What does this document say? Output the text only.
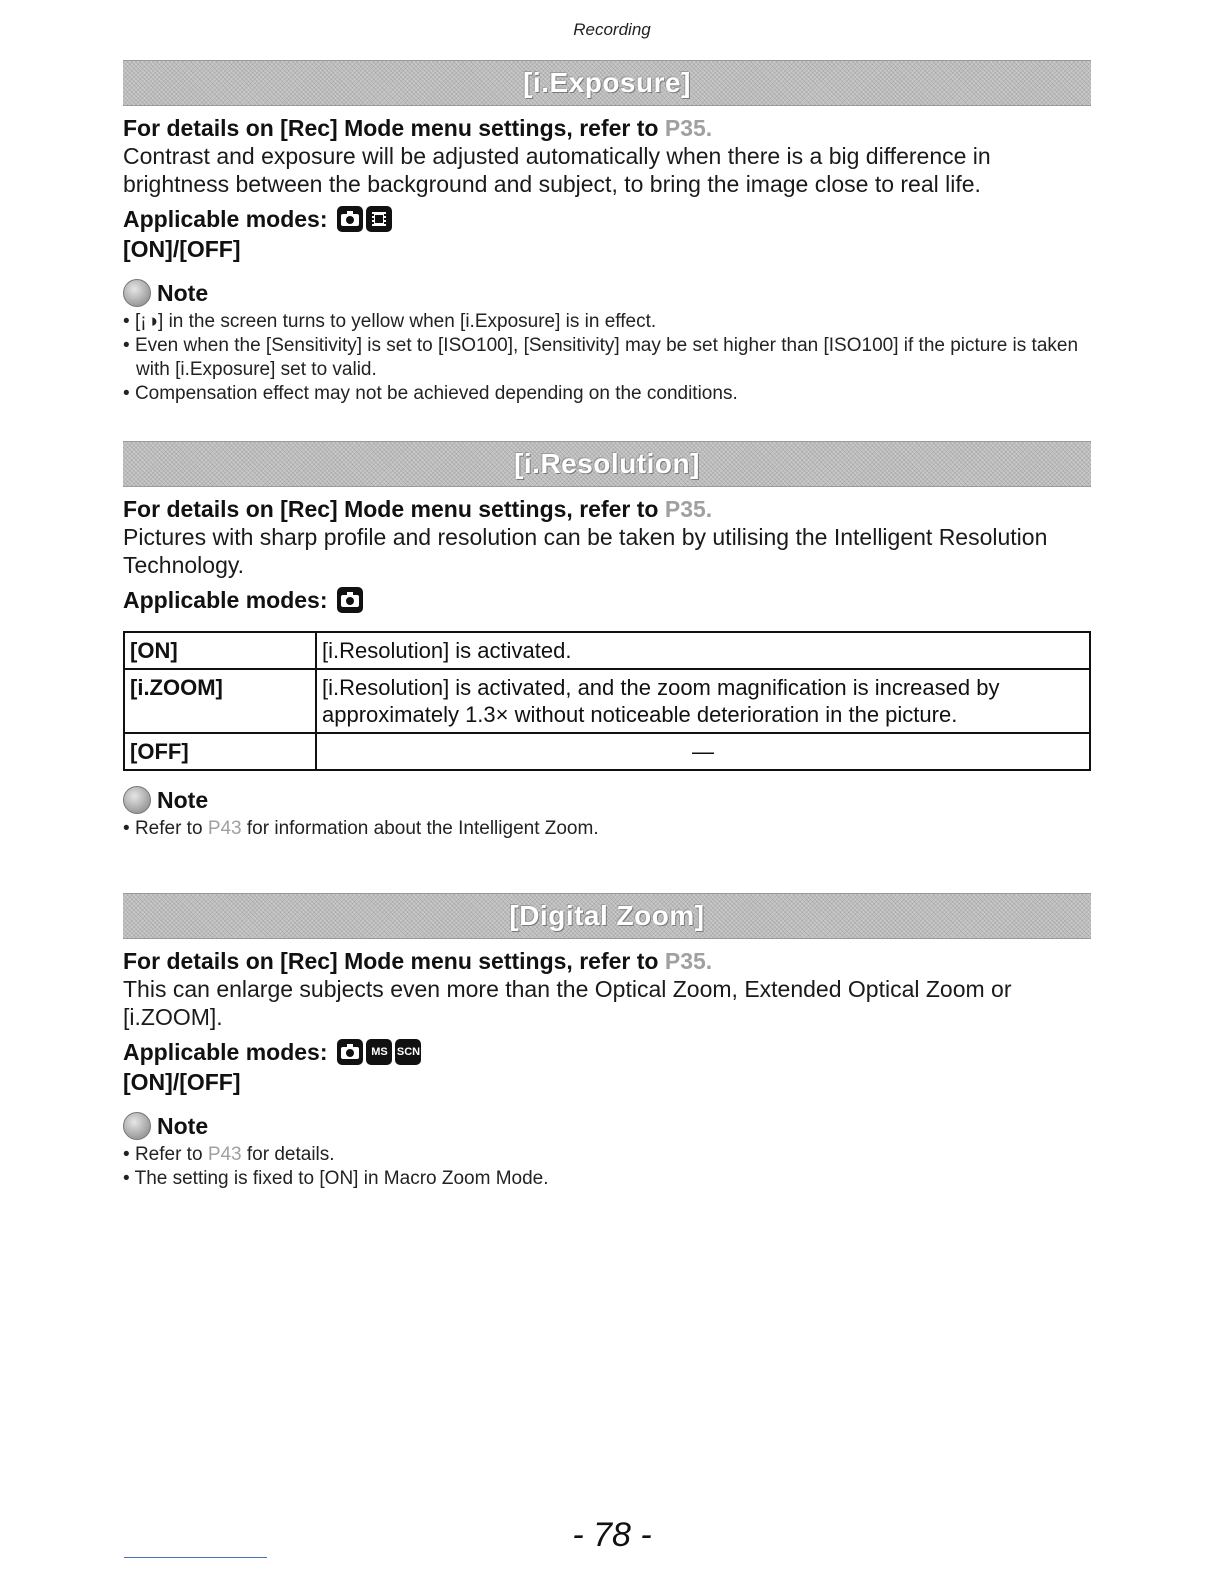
Recording
[i.Exposure]
For details on [Rec] Mode menu settings, refer to P35.
Contrast and exposure will be adjusted automatically when there is a big difference in brightness between the background and subject, to bring the image close to real life.
Applicable modes:
[ON]/[OFF]
Note
• [¡◑] in the screen turns to yellow when [i.Exposure] is in effect.
• Even when the [Sensitivity] is set to [ISO100], [Sensitivity] may be set higher than [ISO100] if the picture is taken with [i.Exposure] set to valid.
• Compensation effect may not be achieved depending on the conditions.
[i.Resolution]
For details on [Rec] Mode menu settings, refer to P35.
Pictures with sharp profile and resolution can be taken by utilising the Intelligent Resolution Technology.
Applicable modes:
[ON]	[i.Resolution] is activated.
[i.ZOOM]	[i.Resolution] is activated, and the zoom magnification is increased by approximately 1.3× without noticeable deterioration in the picture.
[OFF]	—
Note
• Refer to P43 for information about the Intelligent Zoom.
[Digital Zoom]
For details on [Rec] Mode menu settings, refer to P35.
This can enlarge subjects even more than the Optical Zoom, Extended Optical Zoom or [i.ZOOM].
Applicable modes:	MS SCN
[ON]/[OFF]
Note
• Refer to P43 for details.
• The setting is fixed to [ON] in Macro Zoom Mode.
- 78 -
